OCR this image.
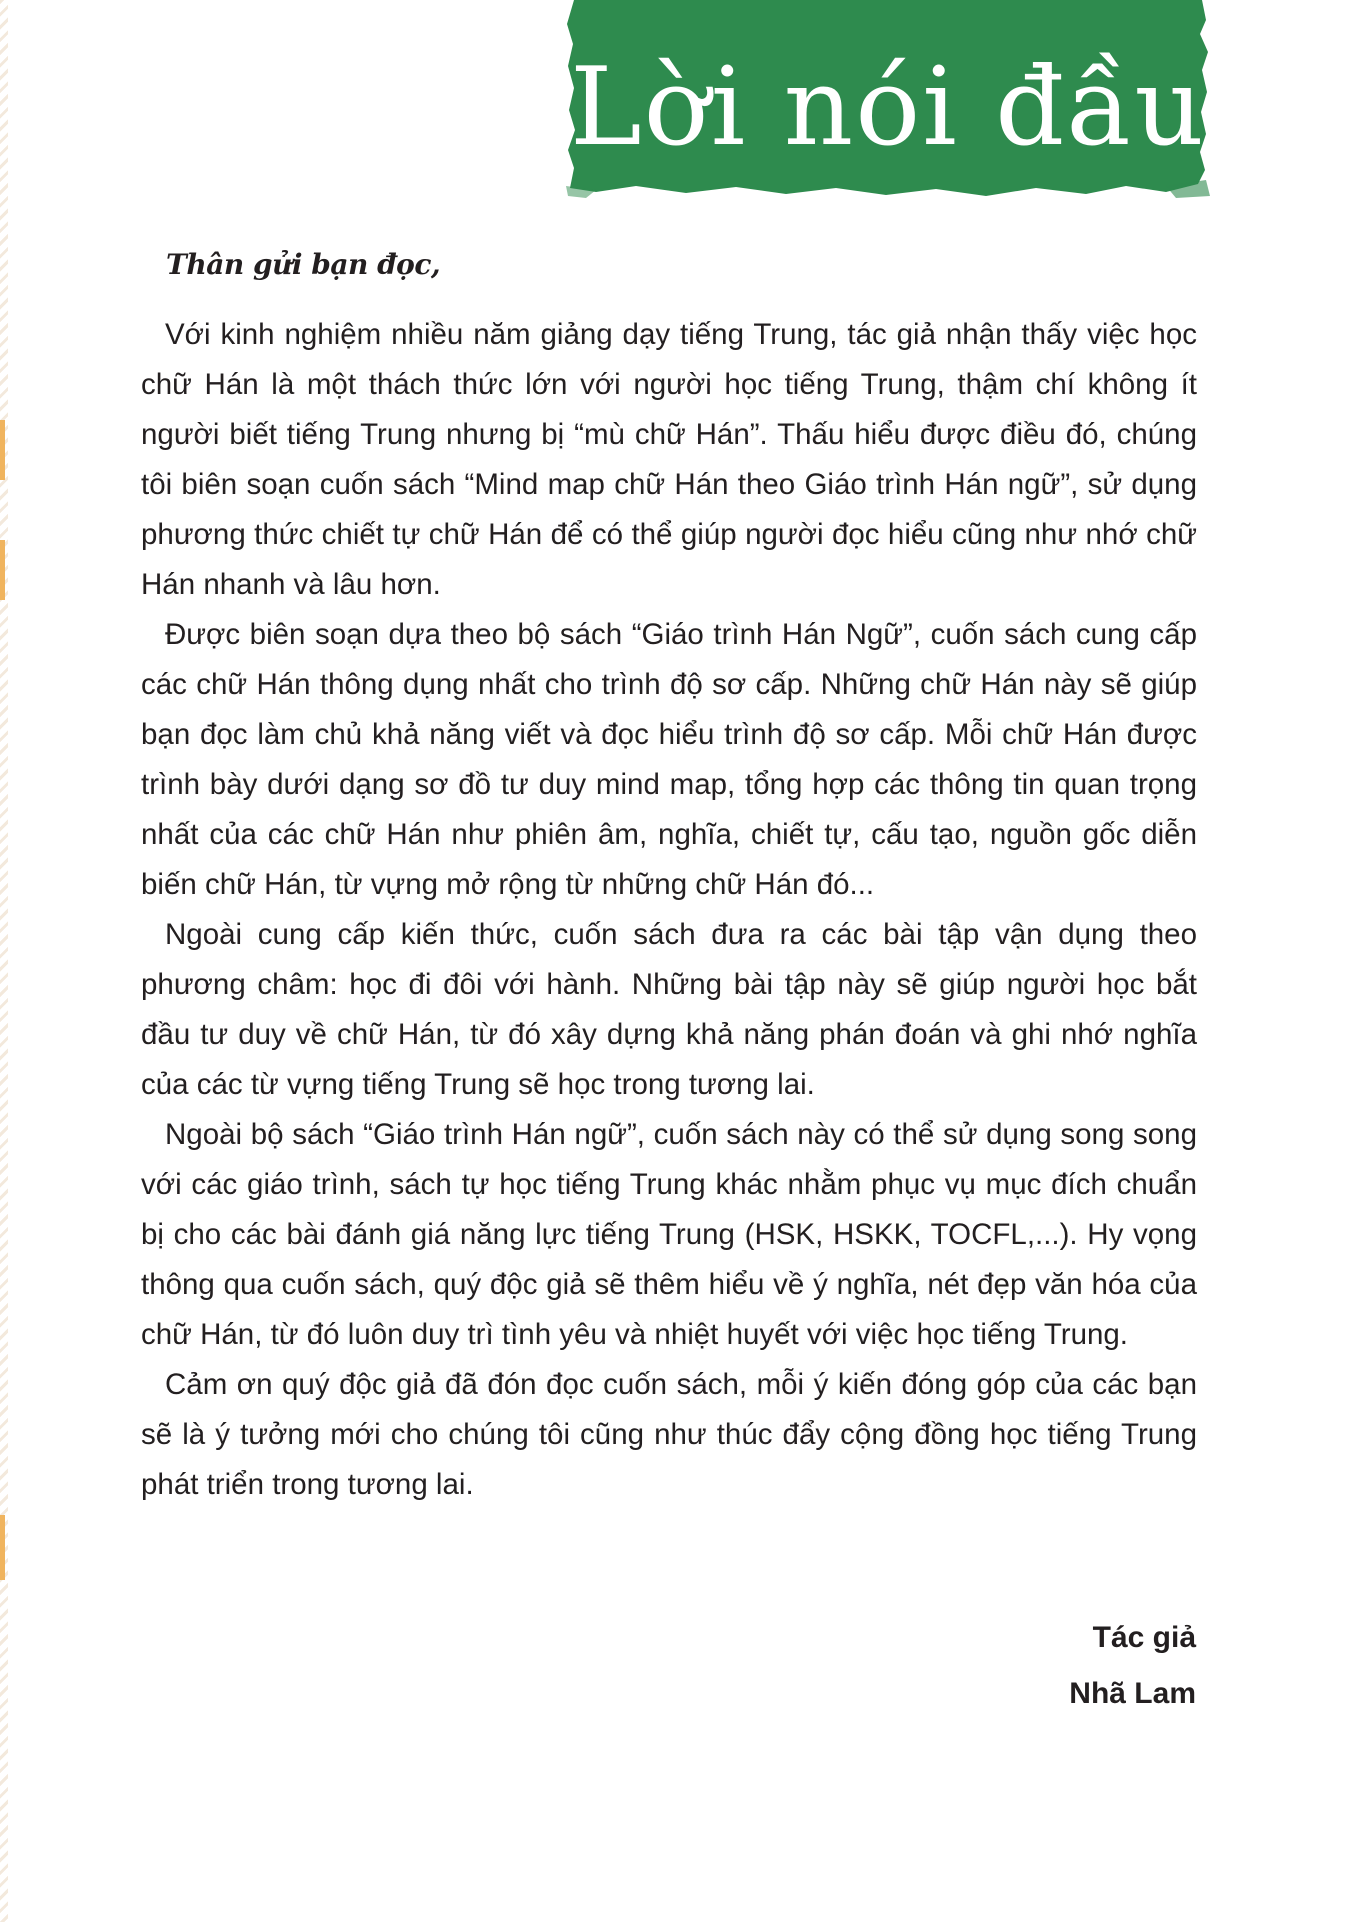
Lời nói đầu
Thân gửi bạn đọc,

Với kinh nghiệm nhiều năm giảng dạy tiếng Trung, tác giả nhận thấy việc học chữ Hán là một thách thức lớn với người học tiếng Trung, thậm chí không ít người biết tiếng Trung nhưng bị “mù chữ Hán”. Thấu hiểu được điều đó, chúng tôi biên soạn cuốn sách “Mind map chữ Hán theo Giáo trình Hán ngữ”, sử dụng phương thức chiết tự chữ Hán để có thể giúp người đọc hiểu cũng như nhớ chữ Hán nhanh và lâu hơn.

Được biên soạn dựa theo bộ sách “Giáo trình Hán Ngữ”, cuốn sách cung cấp các chữ Hán thông dụng nhất cho trình độ sơ cấp. Những chữ Hán này sẽ giúp bạn đọc làm chủ khả năng viết và đọc hiểu trình độ sơ cấp. Mỗi chữ Hán được trình bày dưới dạng sơ đồ tư duy mind map, tổng hợp các thông tin quan trọng nhất của các chữ Hán như phiên âm, nghĩa, chiết tự, cấu tạo, nguồn gốc diễn biến chữ Hán, từ vựng mở rộng từ những chữ Hán đó...

Ngoài cung cấp kiến thức, cuốn sách đưa ra các bài tập vận dụng theo phương châm: học đi đôi với hành. Những bài tập này sẽ giúp người học bắt đầu tư duy về chữ Hán, từ đó xây dựng khả năng phán đoán và ghi nhớ nghĩa của các từ vựng tiếng Trung sẽ học trong tương lai.

Ngoài bộ sách “Giáo trình Hán ngữ”, cuốn sách này có thể sử dụng song song với các giáo trình, sách tự học tiếng Trung khác nhằm phục vụ mục đích chuẩn bị cho các bài đánh giá năng lực tiếng Trung (HSK, HSKK, TOCFL,...). Hy vọng thông qua cuốn sách, quý độc giả sẽ thêm hiểu về ý nghĩa, nét đẹp văn hóa của chữ Hán, từ đó luôn duy trì tình yêu và nhiệt huyết với việc học tiếng Trung.

Cảm ơn quý độc giả đã đón đọc cuốn sách, mỗi ý kiến đóng góp của các bạn sẽ là ý tưởng mới cho chúng tôi cũng như thúc đẩy cộng đồng học tiếng Trung phát triển trong tương lai.

Tác giả
Nhã Lam
